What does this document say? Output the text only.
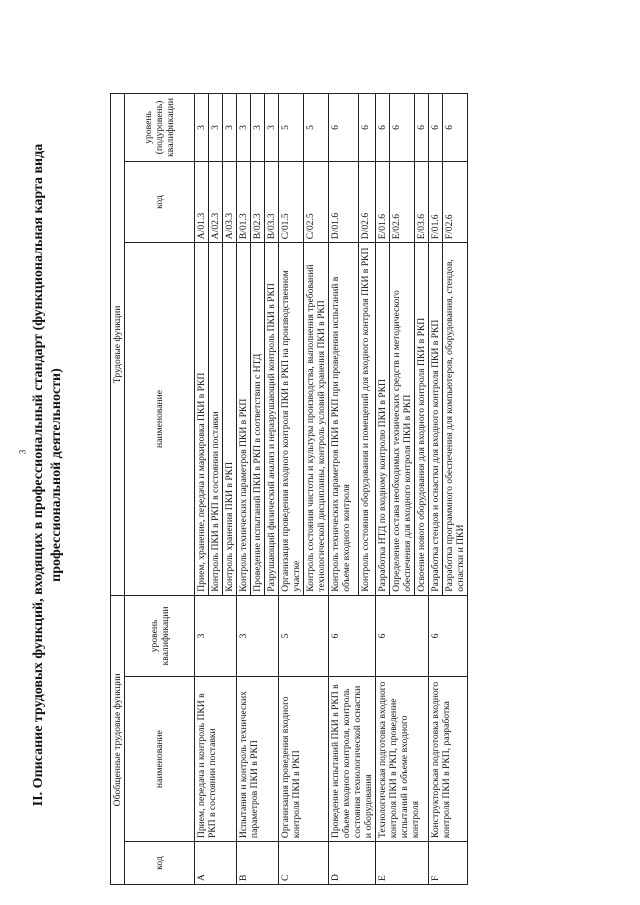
3 II. Описание трудовых функций, входящих в профессиональный стандарт (функциональная карта вида профессиональной деятельности)
Обобщенные трудовые функции			Трудовые функции		
код	наименование	уровень квалификации	наименование	код	уровень (подуровень) квалификации
A	Прием, передача и контроль ПКИ в РКП в состоянии поставки	3	Прием, хранение, передача и маркировка ПКИ в РКП	A/01.3	3
			Контроль ПКИ в РКП в состоянии поставки	A/02.3	3
			Контроль хранения ПКИ в РКП	A/03.3	3
B	Испытания и контроль технических параметров ПКИ в РКП	3	Контроль технических параметров ПКИ в РКП	B/01.3	3
			Проведение испытаний ПКИ в РКП в соответствии с НТД	B/02.3	3
			Разрушающий физический анализ и неразрушающий контроль ПКИ в РКП	B/03.3	3
C	Организация проведения входного контроля ПКИ в РКП	5	Организация проведения входного контроля ПКИ в РКП на производственном участке	C/01.5	5
			Контроль состояния чистоты и культуры производства, выполнения требований технологической дисциплины, контроль условий хранения ПКИ в РКП	C/02.5	5
D	Проведение испытаний ПКИ в РКП в объеме входного контроля, контроль состояния технологической оснастки и оборудования	6	Контроль технических параметров ПКИ в РКП при проведении испытаний в объеме входного контроля	D/01.6	6
			Контроль состояния оборудования и помещений для входного контроля ПКИ в РКП	D/02.6	6
E	Технологическая подготовка входного контроля ПКИ в РКП, проведение испытаний в объеме входного контроля	6	Разработка НТД по входному контролю ПКИ в РКП	E/01.6	6
			Определение состава необходимых технических средств и методического обеспечения для входного контроля ПКИ в РКП	E/02.6	6
			Освоение нового оборудования для входного контроля ПКИ в РКП	E/03.6	6
F	Конструкторская подготовка входного контроля ПКИ в РКП, разработка	6	Разработка стендов и оснастки для входного контроля ПКИ в РКП	F/01.6	6
			Разработка программного обеспечения для компьютеров, оборудования, стендов, оснастки и ПКИ	F/02.6	6
